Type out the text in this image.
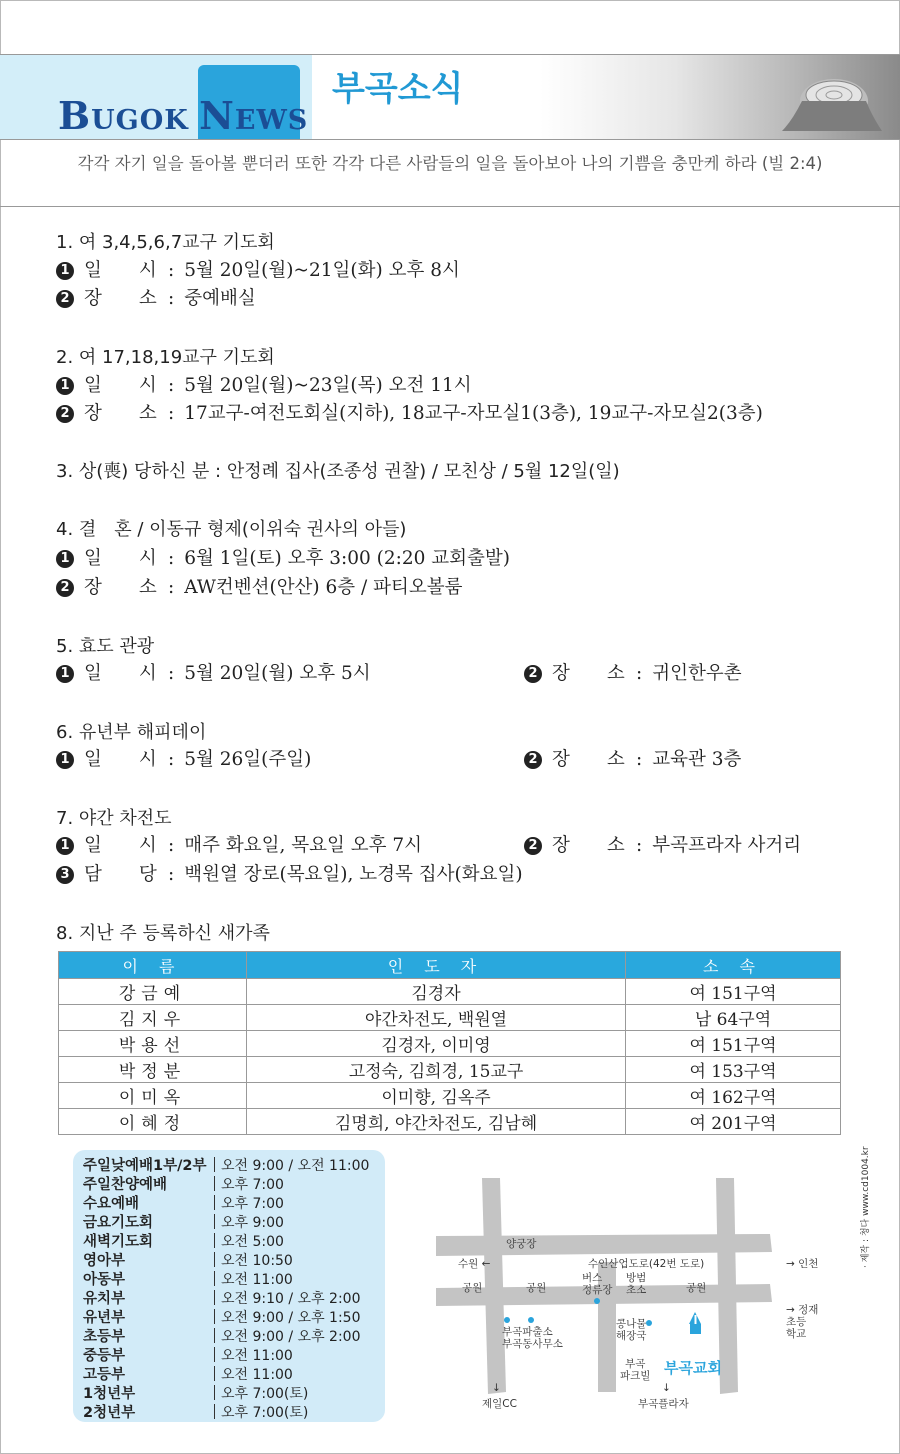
BUGOK NEWS
부곡소식
각각 자기 일을 돌아볼 뿐더러 또한 각각 다른 사람들의 일을 돌아보아 나의 기쁨을 충만케 하라 (빌 2:4)
1. 여 3,4,5,6,7교구 기도회
1 일　　시 : 5월 20일(월)~21일(화) 오후 8시
2 장　　소 : 중예배실
2. 여 17,18,19교구 기도회
1 일　　시 : 5월 20일(월)~23일(목) 오전 11시
2 장　　소 : 17교구-여전도회실(지하), 18교구-자모실1(3층), 19교구-자모실2(3층)
3. 상(喪) 당하신 분 : 안정례 집사(조종성 권찰) / 모친상 / 5월 12일(일)
4. 결　혼 / 이동규 형제(이위숙 권사의 아들)
1 일　　시 : 6월 1일(토) 오후 3:00 (2:20 교회출발)
2 장　　소 : AW컨벤션(안산) 6층 / 파티오볼룸
5. 효도 관광
1 일　　시 : 5월 20일(월) 오후 5시	2 장　　소 : 귀인한우촌
6. 유년부 해피데이
1 일　　시 : 5월 26일(주일)	2 장　　소 : 교육관 3층
7. 야간 차전도
1 일　　시 : 매주 화요일, 목요일 오후 7시	2 장　　소 : 부곡프라자 사거리
3 담　　당 : 백원열 장로(목요일), 노경목 집사(화요일)
8. 지난 주 등록하신 새가족
이 름	인 도 자	소 속
강금예	김경자	여 151구역
김지우	야간차전도, 백원열	남 64구역
박용선	김경자, 이미영	여 151구역
박정분	고정숙, 김희경, 15교구	여 153구역
이미옥	이미향, 김옥주	여 162구역
이혜정	김명희, 야간차전도, 김남혜	여 201구역
주일낮예배1부/2부 오전 9:00 / 오전 11:00
주일찬양예배	오후 7:00
수요예배	오후 7:00
금요기도회	오후 9:00
새벽기도회	오전 5:00
영아부	오전 10:50
아동부	오전 11:00
유치부	오전 9:10 / 오후 2:00
유년부	오전 9:00 / 오후 1:50
초등부	오전 9:00 / 오후 2:00
중등부	오전 11:00
고등부	오전 11:00
1청년부	오후 7:00(토)
2청년부	오후 7:00(토)
양궁장
수원 ←	수인산업도로(42번 도로)	→ 인천
공원	공원	공원
버스
정류장
방범
초소
부곡파출소
부곡동사무소
콩나물
해장국
→ 정재
초등
학교
부곡
파크빌 부곡교회
↓	↓
제일CC	부곡플라자
· 제작 : 청다 www.cd1004.kr
